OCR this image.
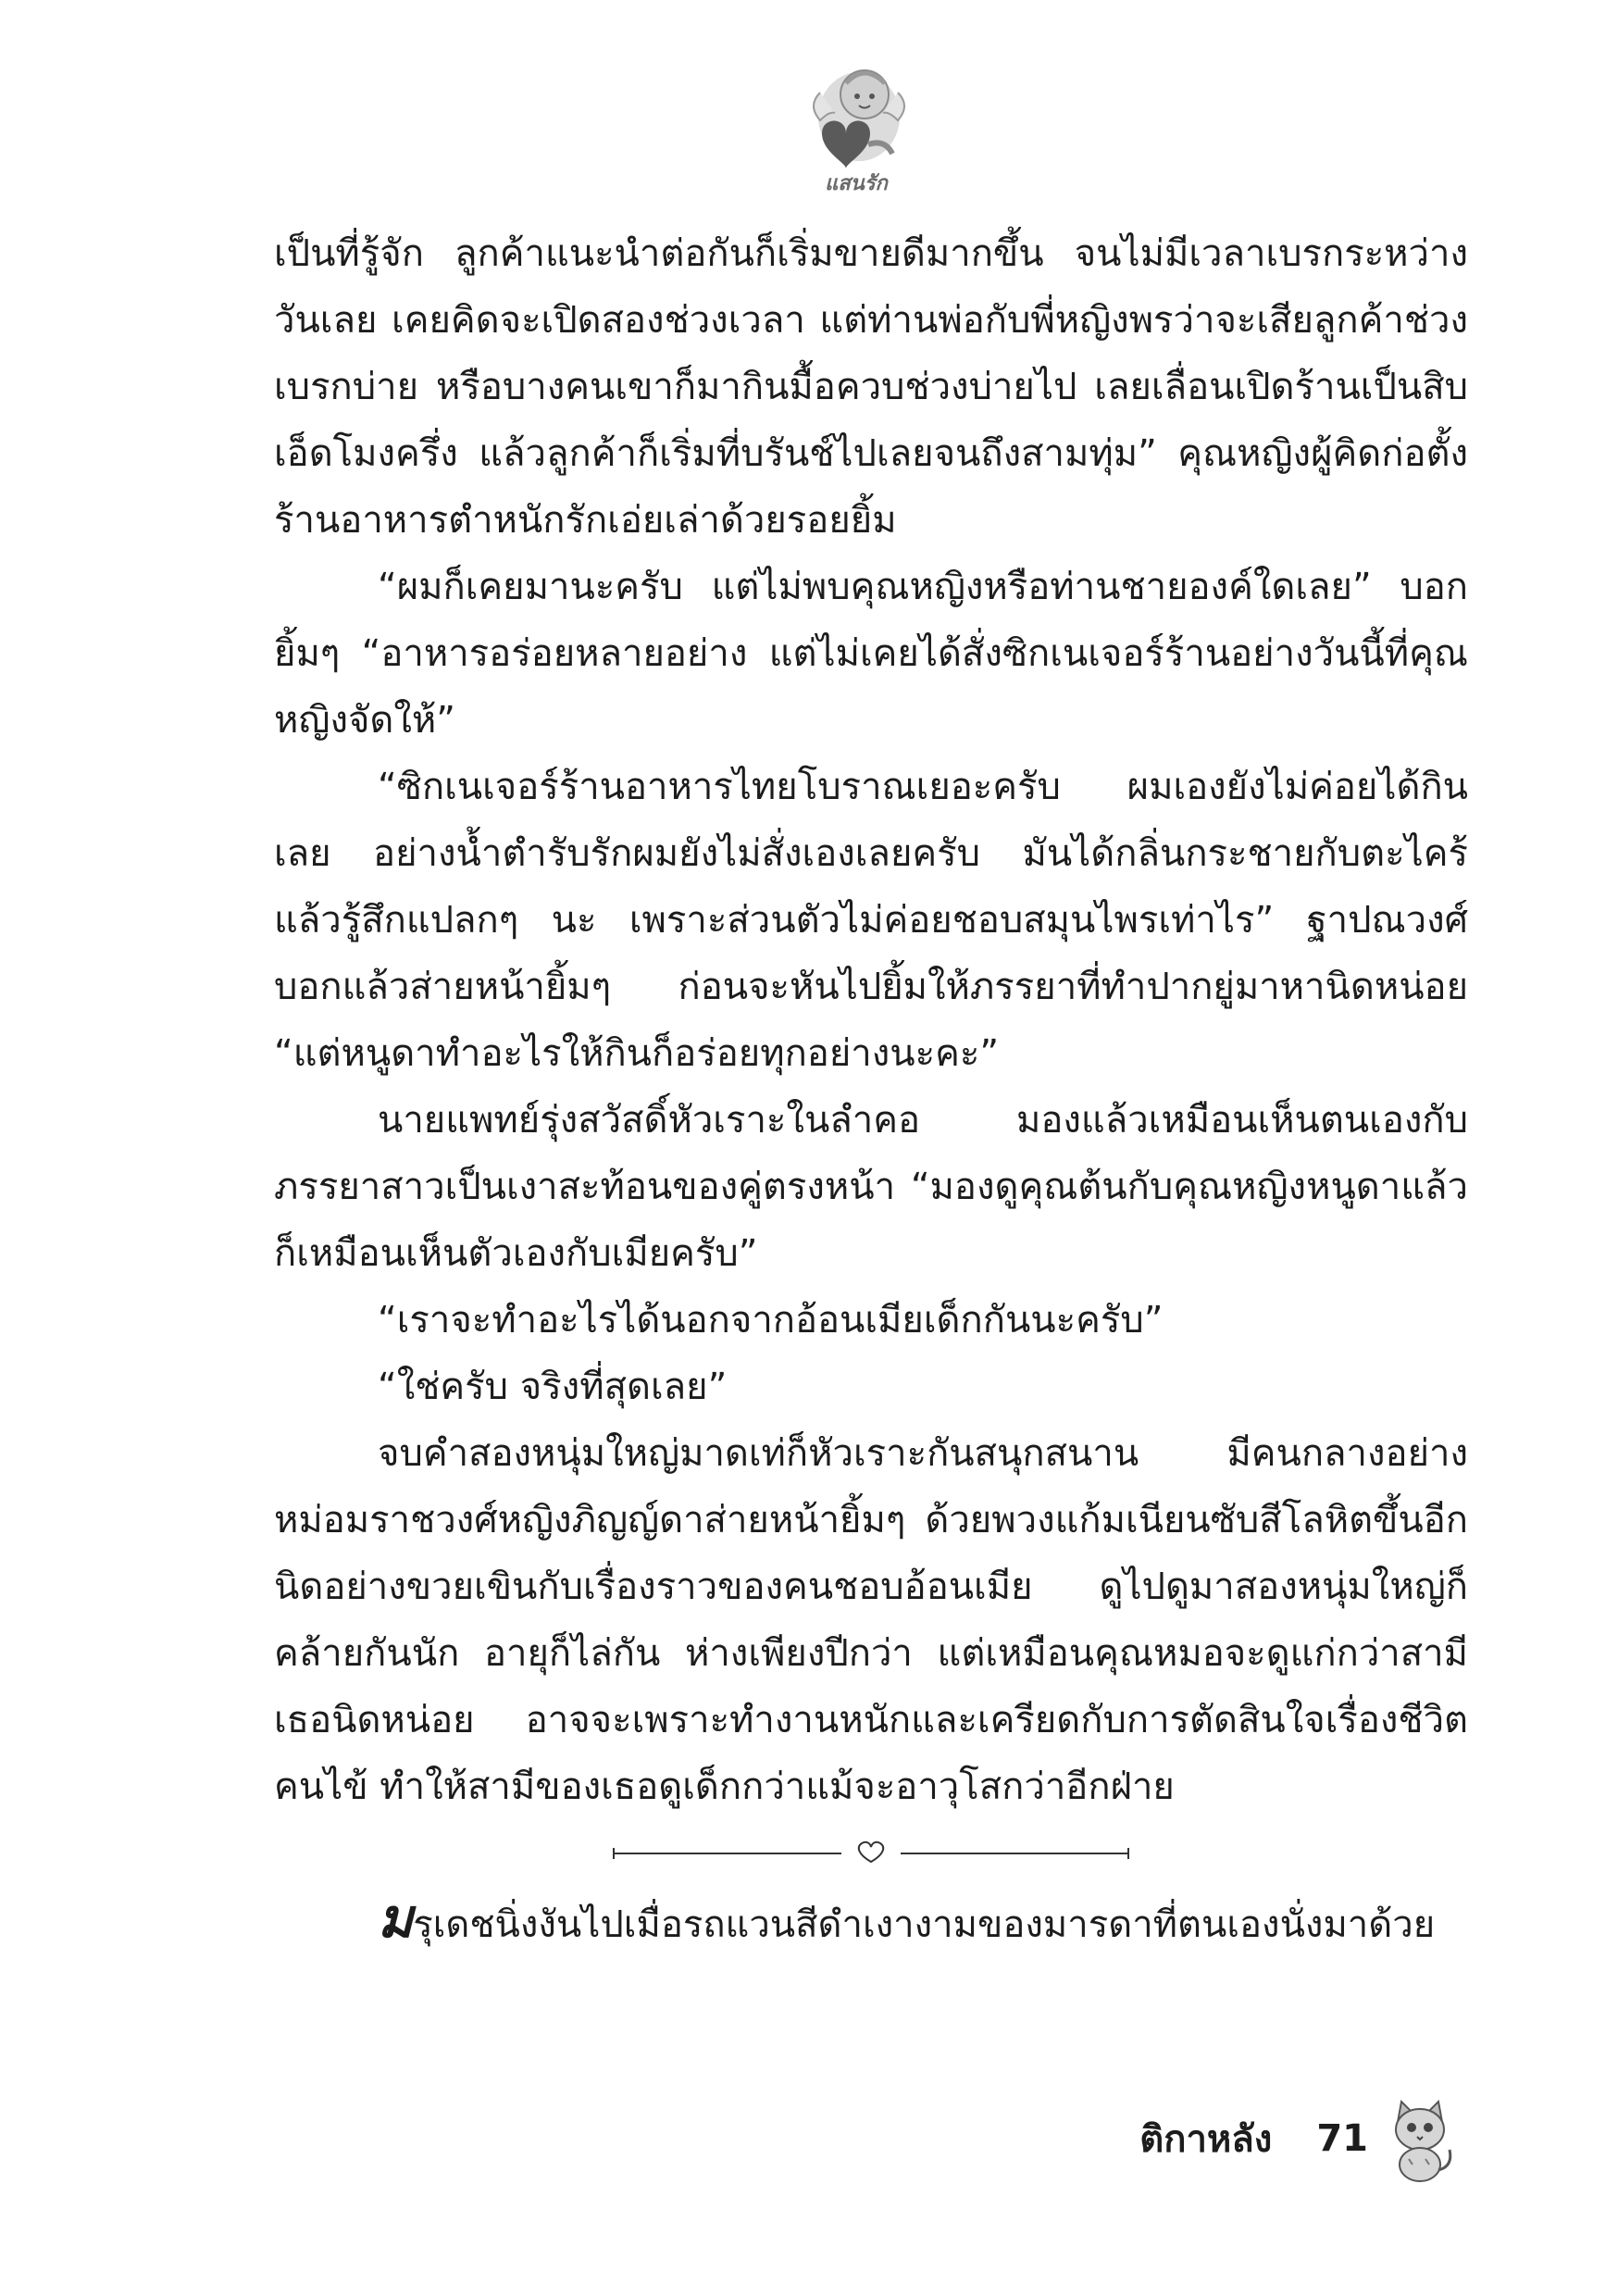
แสนรัก

เป็นที่รู้จัก ลูกค้าแนะนำต่อกันก็เริ่มขายดีมากขึ้น จนไม่มีเวลาเบรกระหว่างวันเลย เคยคิดจะเปิดสองช่วงเวลา แต่ท่านพ่อกับพี่หญิงพรว่าจะเสียลูกค้าช่วงเบรกบ่าย หรือบางคนเขาก็มากินมื้อควบช่วงบ่ายไป เลยเลื่อนเปิดร้านเป็นสิบเอ็ดโมงครึ่ง แล้วลูกค้าก็เริ่มที่บรันช์ไปเลยจนถึงสามทุ่ม” คุณหญิงผู้คิดก่อตั้งร้านอาหารตำหนักรักเอ่ยเล่าด้วยรอยยิ้ม

“ผมก็เคยมานะครับ แต่ไม่พบคุณหญิงหรือท่านชายองค์ใดเลย” บอกยิ้มๆ “อาหารอร่อยหลายอย่าง แต่ไม่เคยได้สั่งซิกเนเจอร์ร้านอย่างวันนี้ที่คุณหญิงจัดให้”

“ซิกเนเจอร์ร้านอาหารไทยโบราณเยอะครับ ผมเองยังไม่ค่อยได้กินเลย อย่างน้ำตำรับรักผมยังไม่สั่งเองเลยครับ มันได้กลิ่นกระชายกับตะไคร้แล้วรู้สึกแปลกๆ นะ เพราะส่วนตัวไม่ค่อยชอบสมุนไพรเท่าไร” ฐาปณวงศ์บอกแล้วส่ายหน้ายิ้มๆ ก่อนจะหันไปยิ้มให้ภรรยาที่ทำปากยู่มาหานิดหน่อย “แต่หนูดาทำอะไรให้กินก็อร่อยทุกอย่างนะคะ”

นายแพทย์รุ่งสวัสดิ์หัวเราะในลำคอ มองแล้วเหมือนเห็นตนเองกับภรรยาสาวเป็นเงาสะท้อนของคู่ตรงหน้า “มองดูคุณต้นกับคุณหญิงหนูดาแล้วก็เหมือนเห็นตัวเองกับเมียครับ”

“เราจะทำอะไรได้นอกจากอ้อนเมียเด็กกันนะครับ”

“ใช่ครับ จริงที่สุดเลย”

จบคำสองหนุ่มใหญ่มาดเท่ก็หัวเราะกันสนุกสนาน มีคนกลางอย่างหม่อมราชวงศ์หญิงภิญญ์ดาส่ายหน้ายิ้มๆ ด้วยพวงแก้มเนียนซับสีโลหิตขึ้นอีกนิดอย่างขวยเขินกับเรื่องราวของคนชอบอ้อนเมีย ดูไปดูมาสองหนุ่มใหญ่ก็คล้ายกันนัก อายุก็ไล่กัน ห่างเพียงปีกว่า แต่เหมือนคุณหมอจะดูแก่กว่าสามีเธอนิดหน่อย อาจจะเพราะทำงานหนักและเครียดกับการตัดสินใจเรื่องชีวิตคนไข้ ทำให้สามีของเธอดูเด็กกว่าแม้จะอาวุโสกว่าอีกฝ่าย

มรุเดชนิ่งงันไปเมื่อรถแวนสีดำเงางามของมารดาที่ตนเองนั่งมาด้วย

ติกาหลัง 71
